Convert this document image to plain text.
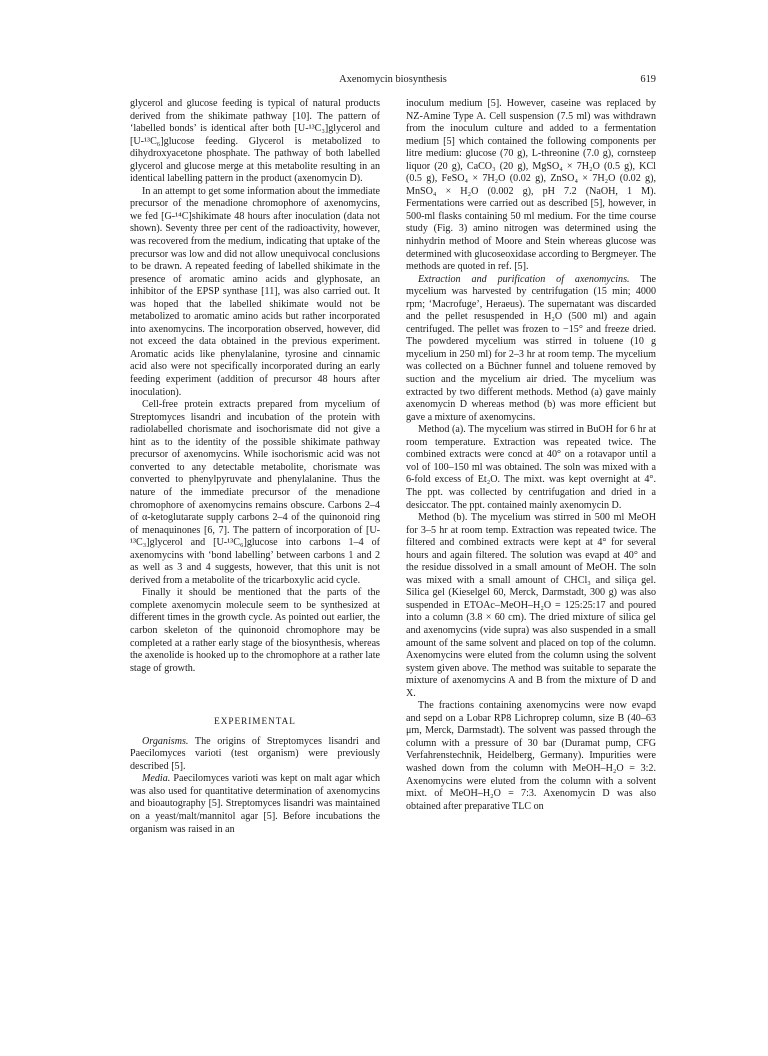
Axenomycin biosynthesis	619

glycerol and glucose feeding is typical of natural products derived from the shikimate pathway [10]. The pattern of ‘labelled bonds’ is identical after both [U-¹³C₃]glycerol and [U-¹³C₆]glucose feeding. Glycerol is metabolized to dihydroxyacetone phosphate. The pathway of both labelled glycerol and glucose merge at this metabolite resulting in an identical labelling pattern in the product (axenomycin D).

In an attempt to get some information about the immediate precursor of the menadione chromophore of axenomycins, we fed [G-¹⁴C]shikimate 48 hours after inoculation (data not shown). Seventy three per cent of the radioactivity, however, was recovered from the medium, indicating that uptake of the precursor was low and did not allow unequivocal conclusions to be drawn. A repeated feeding of labelled shikimate in the presence of aromatic amino acids and glyphosate, an inhibitor of the EPSP synthase [11], was also carried out. It was hoped that the labelled shikimate would not be metabolized to aromatic amino acids but rather incorporated into axenomycins. The incorporation observed, however, did not exceed the data obtained in the previous experiment. Aromatic acids like phenylalanine, tyrosine and cinnamic acid also were not specifically incorporated during an early feeding experiment (addition of precursor 48 hours after inoculation).

Cell-free protein extracts prepared from mycelium of Streptomyces lisandri and incubation of the protein with radiolabelled chorismate and isochorismate did not give a hint as to the identity of the possible shikimate pathway precursor of axenomycins. While isochorismic acid was not converted to any detectable metabolite, chorismate was converted to phenylpyruvate and phenylalanine. Thus the nature of the immediate precursor of the menadione chromophore of axenomycins remains obscure. Carbons 2–4 of α-ketoglutarate supply carbons 2–4 of the quinonoid ring of menaquinones [6, 7]. The pattern of incorporation of [U-¹³C₃]glycerol and [U-¹³C₆]glucose into carbons 1–4 of axenomycins with ‘bond labelling’ between carbons 1 and 2 as well as 3 and 4 suggests, however, that this unit is not derived from a metabolite of the tricarboxylic acid cycle.

Finally it should be mentioned that the parts of the complete axenomycin molecule seem to be synthesized at different times in the growth cycle. As pointed out earlier, the carbon skeleton of the quinonoid chromophore may be completed at a rather early stage of the biosynthesis, whereas the axenolide is hooked up to the chromophore at a rather late stage of growth.

EXPERIMENTAL

Organisms. The origins of Streptomyces lisandri and Paecilomyces varioti (test organism) were previously described [5].

Media. Paecilomyces varioti was kept on malt agar which was also used for quantitative determination of axenomycins and bioautography [5]. Streptomyces lisandri was maintained on a yeast/malt/mannitol agar [5]. Before incubations the organism was raised in an

inoculum medium [5]. However, caseine was replaced by NZ-Amine Type A. Cell suspension (7.5 ml) was withdrawn from the inoculum culture and added to a fermentation medium [5] which contained the following components per litre medium: glucose (70 g), L-threonine (7.0 g), cornsteep liquor (20 g), CaCO₃ (20 g), MgSO₄ × 7H₂O (0.5 g), KCl (0.5 g), FeSO₄ × 7H₂O (0.02 g), ZnSO₄ × 7H₂O (0.02 g), MnSO₄ × H₂O (0.002 g), pH 7.2 (NaOH, 1 M). Fermentations were carried out as described [5], however, in 500-ml flasks containing 50 ml medium. For the time course study (Fig. 3) amino nitrogen was determined using the ninhydrin method of Moore and Stein whereas glucose was determined with glucoseoxidase according to Bergmeyer. The methods are quoted in ref. [5].

Extraction and purification of axenomycins. The mycelium was harvested by centrifugation (15 min; 4000 rpm; ‘Macrofuge’, Heraeus). The supernatant was discarded and the pellet resuspended in H₂O (500 ml) and again centrifuged. The pellet was frozen to −15° and freeze dried. The powdered mycelium was stirred in toluene (10 g mycelium in 250 ml) for 2–3 hr at room temp. The mycelium was collected on a Büchner funnel and toluene removed by suction and the mycelium air dried. The mycelium was extracted by two different methods. Method (a) gave mainly axenomycin D whereas method (b) was more efficient but gave a mixture of axenomycins.

Method (a). The mycelium was stirred in BuOH for 6 hr at room temperature. Extraction was repeated twice. The combined extracts were concd at 40° on a rotavapor until a vol of 100–150 ml was obtained. The soln was mixed with a 6-fold excess of Et₂O. The mixt. was kept overnight at 4°. The ppt. was collected by centrifugation and dried in a desiccator. The ppt. contained mainly axenomycin D.

Method (b). The mycelium was stirred in 500 ml MeOH for 3–5 hr at room temp. Extraction was repeated twice. The filtered and combined extracts were kept at 4° for several hours and again filtered. The solution was evapd at 40° and the residue dissolved in a small amount of MeOH. The soln was mixed with a small amount of CHCl₃ and siliça gel. Silica gel (Kieselgel 60, Merck, Darmstadt, 300 g) was also suspended in ETOAc–MeOH–H₂O = 125:25:17 and poured into a column (3.8 × 60 cm). The dried mixture of silica gel and axenomycins (vide supra) was also suspended in a small amount of the same solvent and placed on top of the column. Axenomycins were eluted from the column using the solvent system given above. The method was suitable to separate the mixture of axenomycins A and B from the mixture of D and X.

The fractions containing axenomycins were now evapd and sepd on a Lobar RP8 Lichroprep column, size B (40–63 μm, Merck, Darmstadt). The solvent was passed through the column with a pressure of 30 bar (Duramat pump, CFG Verfahrenstechnik, Heidelberg, Germany). Impurities were washed down from the column with MeOH–H₂O = 3:2. Axenomycins were eluted from the column with a solvent mixt. of MeOH–H₂O = 7:3. Axenomycin D was also obtained after preparative TLC on
